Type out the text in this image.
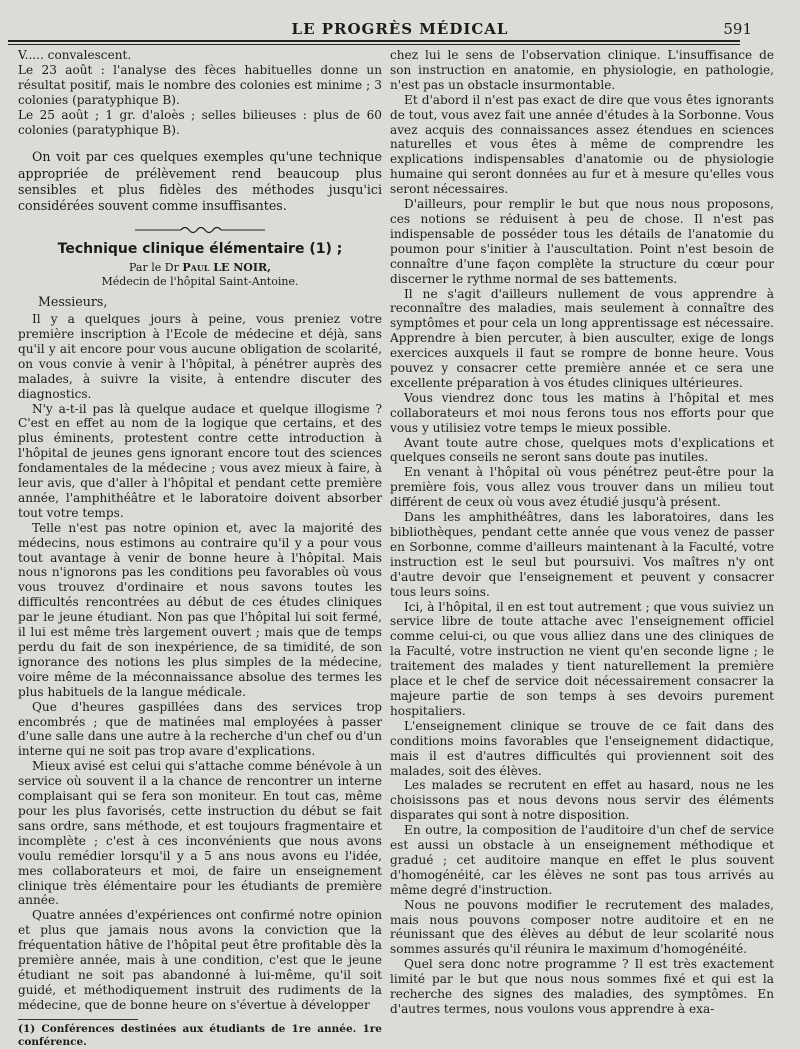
LE PROGRÈS MÉDICAL	591

V..... convalescent.

Le 23 août : l'analyse des fèces habituelles donne un résultat positif, mais le nombre des colonies est minime ; 3 colonies (paratyphique B).

Le 25 août ; 1 gr. d'aloès ; selles bilieuses : plus de 60 colonies (paratyphique B).

On voit par ces quelques exemples qu'une technique appropriée de prélèvement rend beaucoup plus sensibles et plus fidèles des méthodes jusqu'ici considérées souvent comme insuffisantes.

Technique clinique élémentaire (1) ;
Par le Dr Paul LE NOIR,
Médecin de l'hôpital Saint-Antoine.
Messieurs,

Il y a quelques jours à peine, vous preniez votre première inscription à l'Ecole de médecine et déjà, sans qu'il y ait encore pour vous aucune obligation de scolarité, on vous convie à venir à l'hôpital, à pénétrer auprès des malades, à suivre la visite, à entendre discuter des diagnostics.

N'y a-t-il pas là quelque audace et quelque illogisme ? C'est en effet au nom de la logique que certains, et des plus éminents, protestent contre cette introduction à l'hôpital de jeunes gens ignorant encore tout des sciences fondamentales de la médecine ; vous avez mieux à faire, à leur avis, que d'aller à l'hôpital et pendant cette première année, l'amphithéâtre et le laboratoire doivent absorber tout votre temps.

Telle n'est pas notre opinion et, avec la majorité des médecins, nous estimons au contraire qu'il y a pour vous tout avantage à venir de bonne heure à l'hôpital. Mais nous n'ignorons pas les conditions peu favorables où vous vous trouvez d'ordinaire et nous savons toutes les difficultés rencontrées au début de ces études cliniques par le jeune étudiant. Non pas que l'hôpital lui soit fermé, il lui est même très largement ouvert ; mais que de temps perdu du fait de son inexpérience, de sa timidité, de son ignorance des notions les plus simples de la médecine, voire même de la méconnaissance absolue des termes les plus habituels de la langue médicale.

Que d'heures gaspillées dans des services trop encombrés ; que de matinées mal employées à passer d'une salle dans une autre à la recherche d'un chef ou d'un interne qui ne soit pas trop avare d'explications.

Mieux avisé est celui qui s'attache comme bénévole à un service où souvent il a la chance de rencontrer un interne complaisant qui se fera son moniteur. En tout cas, même pour les plus favorisés, cette instruction du début se fait sans ordre, sans méthode, et est toujours fragmentaire et incomplète ; c'est à ces inconvénients que nous avons voulu remédier lorsqu'il y a 5 ans nous avons eu l'idée, mes collaborateurs et moi, de faire un enseignement clinique très élémentaire pour les étudiants de première année.

Quatre années d'expériences ont confirmé notre opinion et plus que jamais nous avons la conviction que la fréquentation hâtive de l'hôpital peut être profitable dès la première année, mais à une condition, c'est que le jeune étudiant ne soit pas abandonné à lui-même, qu'il soit guidé, et méthodiquement instruit des rudiments de la médecine, que de bonne heure on s'évertue à développer

(1) Conférences destinées aux étudiants de 1re année. 1re conférence.

chez lui le sens de l'observation clinique. L'insuffisance de son instruction en anatomie, en physiologie, en pathologie, n'est pas un obstacle insurmontable.

Et d'abord il n'est pas exact de dire que vous êtes ignorants de tout, vous avez fait une année d'études à la Sorbonne. Vous avez acquis des connaissances assez étendues en sciences naturelles et vous êtes à même de comprendre les explications indispensables d'anatomie ou de physiologie humaine qui seront données au fur et à mesure qu'elles vous seront nécessaires.

D'ailleurs, pour remplir le but que nous nous proposons, ces notions se réduisent à peu de chose. Il n'est pas indispensable de posséder tous les détails de l'anatomie du poumon pour s'initier à l'auscultation. Point n'est besoin de connaître d'une façon complète la structure du cœur pour discerner le rythme normal de ses battements.

Il ne s'agit d'ailleurs nullement de vous apprendre à reconnaître des maladies, mais seulement à connaître des symptômes et pour cela un long apprentissage est nécessaire. Apprendre à bien percuter, à bien ausculter, exige de longs exercices auxquels il faut se rompre de bonne heure. Vous pouvez y consacrer cette première année et ce sera une excellente préparation à vos études cliniques ultérieures.

Vous viendrez donc tous les matins à l'hôpital et mes collaborateurs et moi nous ferons tous nos efforts pour que vous y utilisiez votre temps le mieux possible.

Avant toute autre chose, quelques mots d'explications et quelques conseils ne seront sans doute pas inutiles.

En venant à l'hôpital où vous pénétrez peut-être pour la première fois, vous allez vous trouver dans un milieu tout différent de ceux où vous avez étudié jusqu'à présent.

Dans les amphithéâtres, dans les laboratoires, dans les bibliothèques, pendant cette année que vous venez de passer en Sorbonne, comme d'ailleurs maintenant à la Faculté, votre instruction est le seul but poursuivi. Vos maîtres n'y ont d'autre devoir que l'enseignement et peuvent y consacrer tous leurs soins.

Ici, à l'hôpital, il en est tout autrement ; que vous suiviez un service libre de toute attache avec l'enseignement officiel comme celui-ci, ou que vous alliez dans une des cliniques de la Faculté, votre instruction ne vient qu'en seconde ligne ; le traitement des malades y tient naturellement la première place et le chef de service doit nécessairement consacrer la majeure partie de son temps à ses devoirs purement hospitaliers.

L'enseignement clinique se trouve de ce fait dans des conditions moins favorables que l'enseignement didactique, mais il est d'autres difficultés qui proviennent soit des malades, soit des élèves.

Les malades se recrutent en effet au hasard, nous ne les choisissons pas et nous devons nous servir des éléments disparates qui sont à notre disposition.

En outre, la composition de l'auditoire d'un chef de service est aussi un obstacle à un enseignement méthodique et gradué ; cet auditoire manque en effet le plus souvent d'homogénéité, car les élèves ne sont pas tous arrivés au même degré d'instruction.

Nous ne pouvons modifier le recrutement des malades, mais nous pouvons composer notre auditoire et en ne réunissant que des élèves au début de leur scolarité nous sommes assurés qu'il réunira le maximum d'homogénéité.

Quel sera donc notre programme ? Il est très exactement limité par le but que nous nous sommes fixé et qui est la recherche des signes des maladies, des symptômes. En d'autres termes, nous voulons vous apprendre à exa-
